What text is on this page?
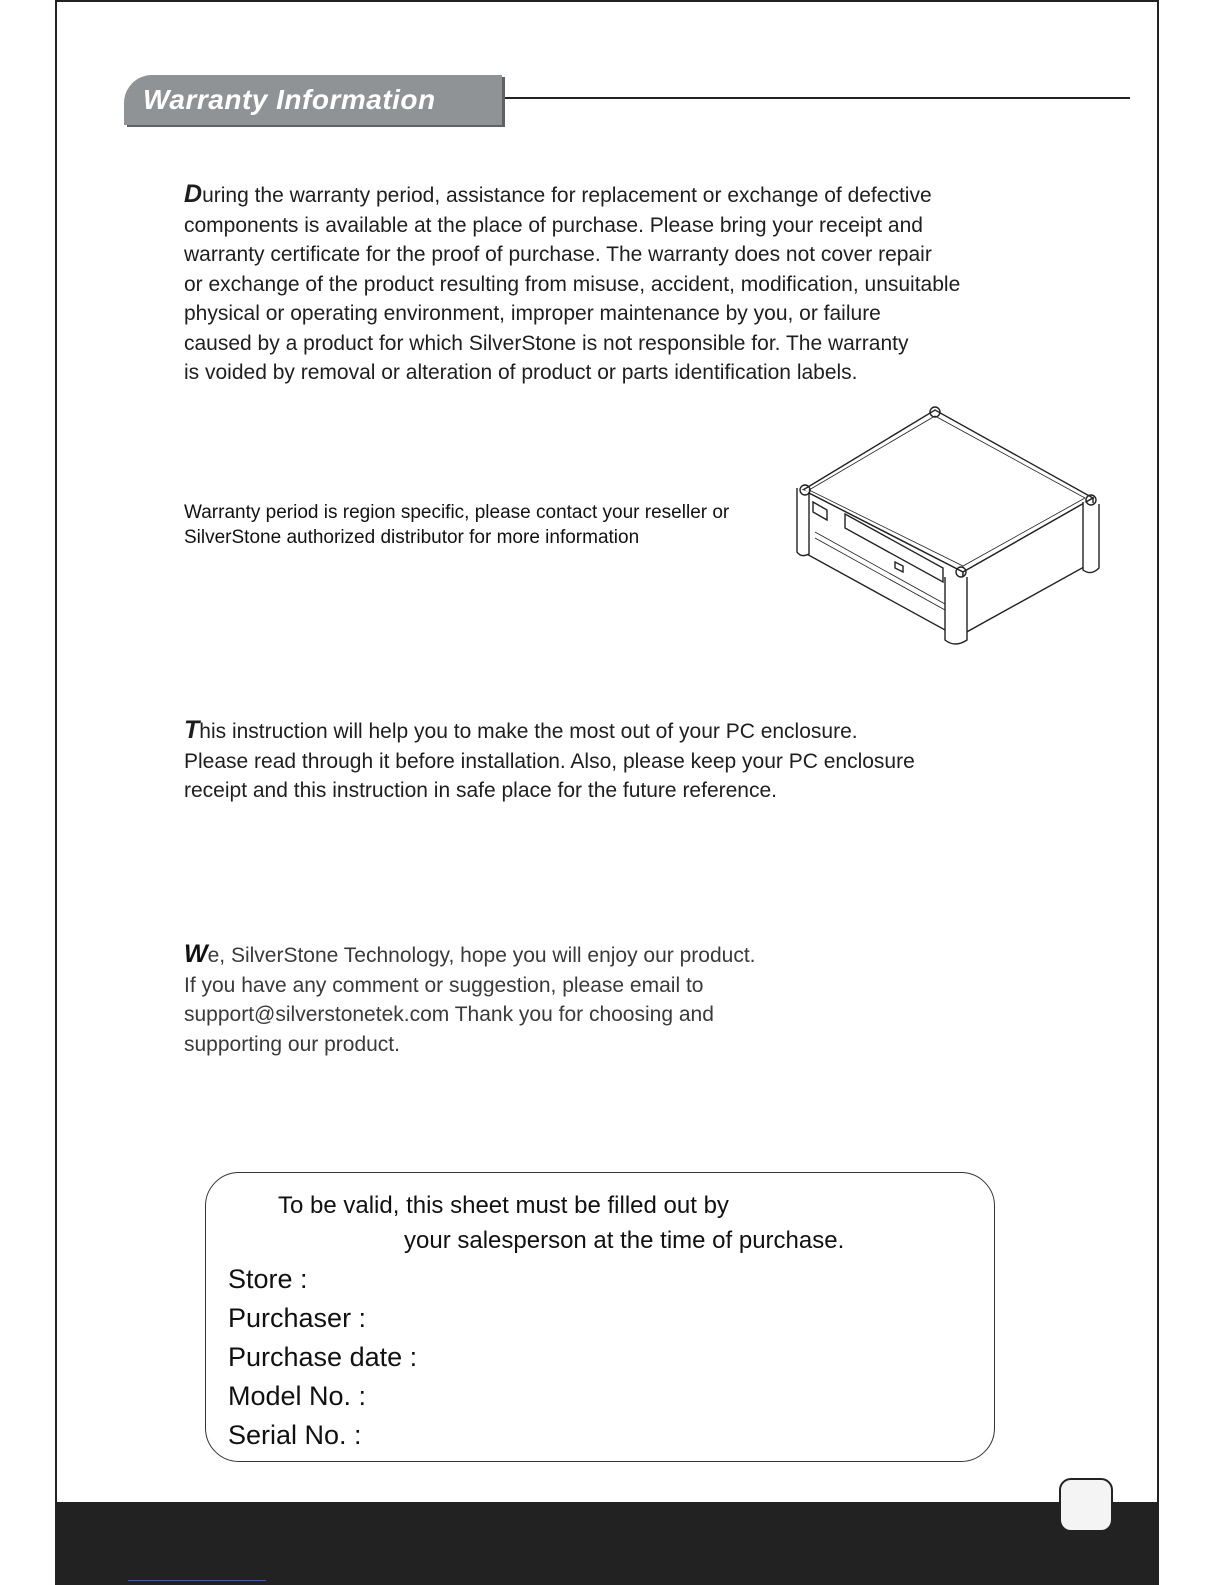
Warranty Information

During the warranty period, assistance for replacement or exchange of defective
components is available at the place of purchase. Please bring your receipt and
warranty certificate for the proof of purchase. The warranty does not cover repair
or exchange of the product resulting from misuse, accident, modification, unsuitable
physical or operating environment, improper maintenance by you, or failure
caused by a product for which SilverStone is not responsible for. The warranty
is voided by removal or alteration of product or parts identification labels.

Warranty period is region specific, please contact your reseller or
SilverStone authorized distributor for more information

This instruction will help you to make the most out of your PC enclosure.
Please read through it before installation. Also, please keep your PC enclosure
receipt and this instruction in safe place for the future reference.

We, SilverStone Technology, hope you will enjoy our product.
If you have any comment or suggestion, please email to
support@silverstonetek.com Thank you for choosing and
supporting our product.

To be valid, this sheet must be filled out by
your salesperson at the time of purchase.
Store :
Purchaser :
Purchase date :
Model No. :
Serial No. :
